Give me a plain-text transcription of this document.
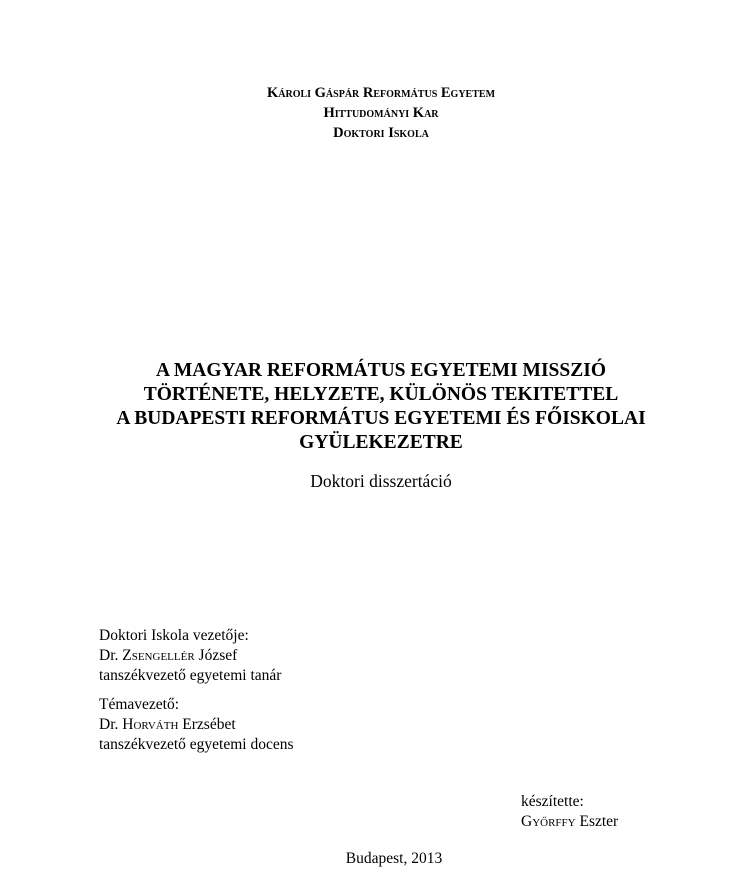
Károli Gáspár Református Egyetem
Hittudományi Kar
Doktori Iskola
A MAGYAR REFORMÁTUS EGYETEMI MISSZIÓ
TÖRTÉNETE, HELYZETE, KÜLÖNÖS TEKITETTEL
A BUDAPESTI REFORMÁTUS EGYETEMI ÉS FŐISKOLAI
GYÜLEKEZETRE
Doktori disszertáció
Doktori Iskola vezetője:
Dr. Zsengellér József
tanszékvezető egyetemi tanár
Témavezető:
Dr. Horváth Erzsébet
tanszékvezető egyetemi docens
készítette:
Győrffy Eszter
Budapest, 2013
